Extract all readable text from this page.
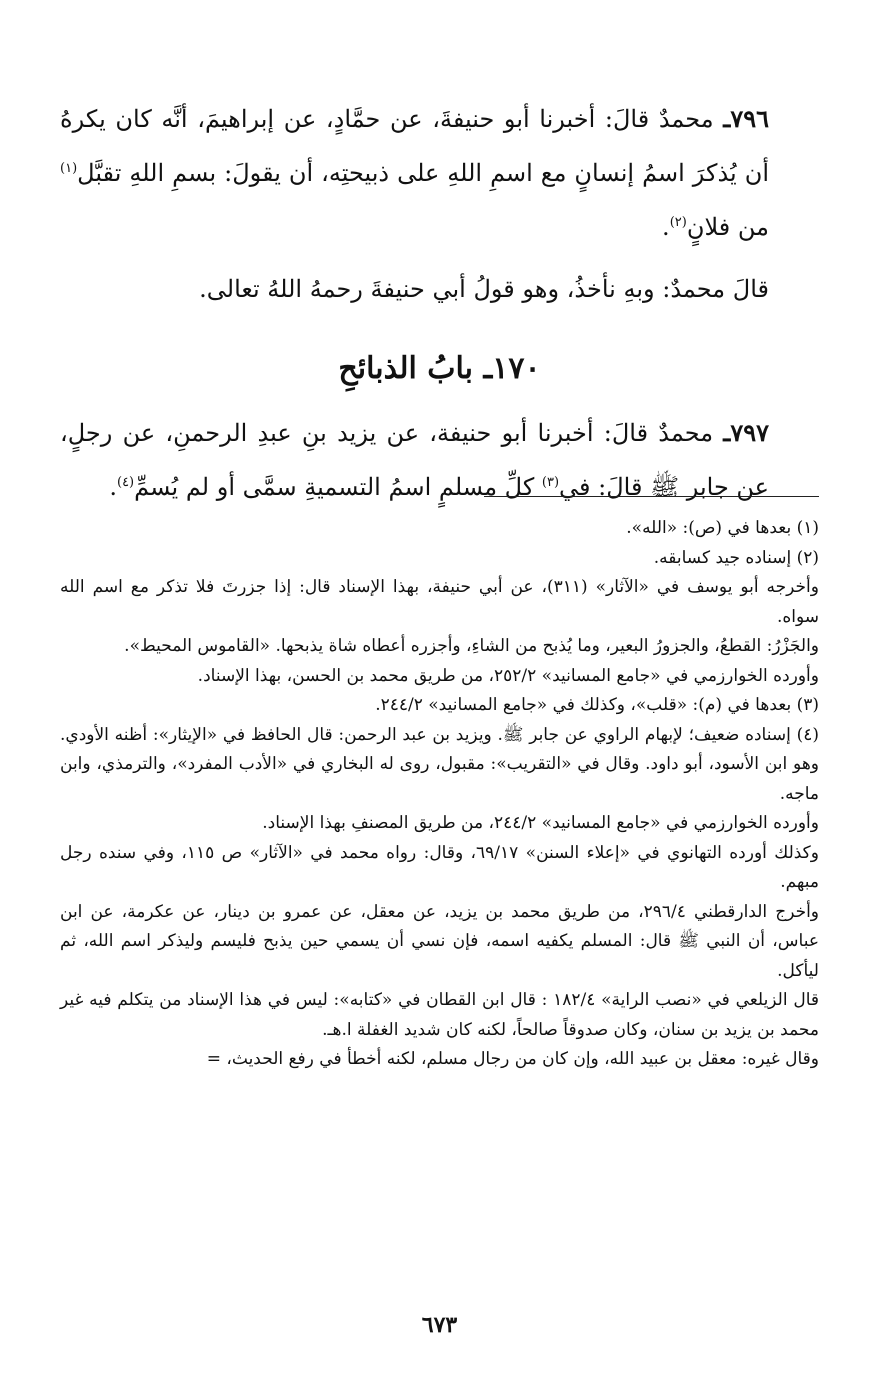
٧٩٦ـ محمدٌ قالَ: أخبرنا أبو حنيفةَ، عن حمَّادٍ، عن إبراهيمَ، أنَّه كان يكرهُ أن يُذكرَ اسمُ إنسانٍ مع اسمِ اللهِ على ذبيحتِه، أن يقولَ: بسمِ اللهِ تقبَّل$^{(١)}$ من فلانٍ$^{(٢)}$.

قالَ محمدٌ: وبهِ نأخذُ، وهو قولُ أبي حنيفةَ رحمهُ اللهُ تعالى.

١٧٠ـ بابُ الذبائحِ

٧٩٧ـ محمدٌ قالَ: أخبرنا أبو حنيفة، عن يزيد بنِ عبدِ الرحمنِ، عن رجلٍ، عن جابر ﷺ قالَ: في$^{(٣)}$ كلِّ مسلمٍ اسمُ التسميةِ سمَّى أو لم يُسمِّ$^{(٤)}$.

(١) بعدها في (ص): «الله».

(٢) إسناده جيد كسابقه.

وأخرجه أبو يوسف في «الآثار» (٣١١)، عن أبي حنيفة، بهذا الإسناد قال: إذا جزرتَ فلا تذكر مع اسم الله سواه.

والجَزْرُ: القطعُ، والجزورُ البعير، وما يُذبح من الشاءِ، وأجزره أعطاه شاة يذبحها. «القاموس المحيط».

وأورده الخوارزمي في «جامع المسانيد» ٢٥٢/٢، من طريق محمد بن الحسن، بهذا الإسناد.

(٣) بعدها في (م): «قلب»، وكذلك في «جامع المسانيد» ٢٤٤/٢.

(٤) إسناده ضعيف؛ لإبهام الراوي عن جابر ﷺ. ويزيد بن عبد الرحمن: قال الحافظ في «الإيثار»: أظنه الأودي. وهو ابن الأسود، أبو داود. وقال في «التقريب»: مقبول، روى له البخاري في «الأدب المفرد»، والترمذي، وابن ماجه.

وأورده الخوارزمي في «جامع المسانيد» ٢٤٤/٢، من طريق المصنفِ بهذا الإسناد.

وكذلك أورده التهانوي في «إعلاء السنن» ٦٩/١٧، وقال: رواه محمد في «الآثار» ص ١١٥، وفي سنده رجل مبهم.

وأخرج الدارقطني ٢٩٦/٤، من طريق محمد بن يزيد، عن معقل، عن عمرو بن دينار، عن عكرمة، عن ابن عباس، أن النبي ﷺ قال: المسلم يكفيه اسمه، فإن نسي أن يسمي حين يذبح فليسم وليذكر اسم الله، ثم ليأكل.

قال الزيلعي في «نصب الراية» ١٨٢/٤ : قال ابن القطان في «كتابه»: ليس في هذا الإسناد من يتكلم فيه غير محمد بن يزيد بن سنان، وكان صدوقاً صالحاً، لكنه كان شديد الغفلة ا.هـ.

وقال غيره: معقل بن عبيد الله، وإن كان من رجال مسلم، لكنه أخطأ في رفع الحديث، =

٦٧٣
